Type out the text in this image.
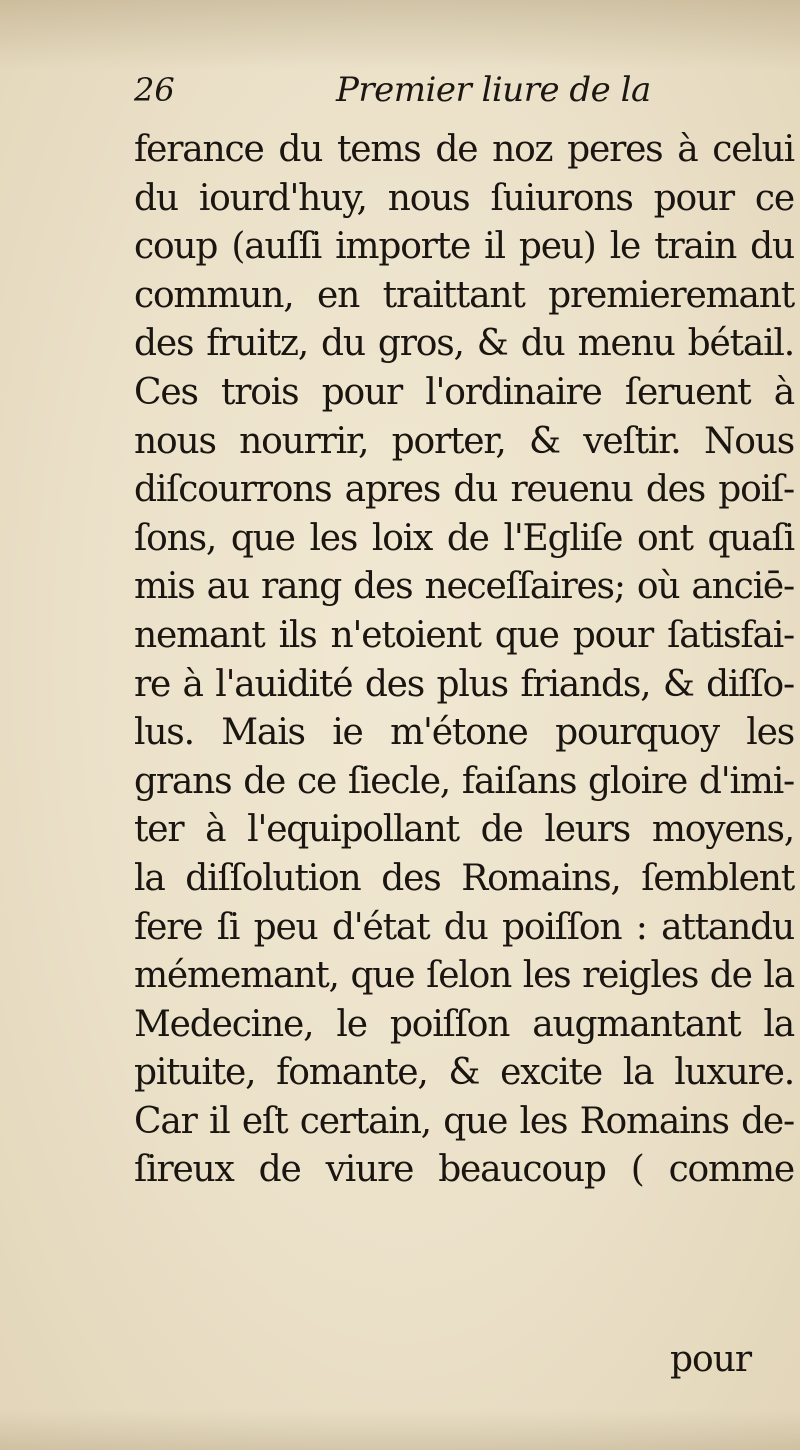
26	Premier liure de la
ferance du tems de noz peres à celui
du iourd'huy, nous ſuiurons pour ce
coup (auſſi importe il peu) le train du
commun, en traittant premieremant
des fruitz, du gros, & du menu bétail.
Ces trois pour l'ordinaire ſeruent à
nous nourrir, porter, & veſtir. Nous
diſcourrons apres du reuenu des poiſ-
ſons, que les loix de l'Egliſe ont quaſi
mis au rang des neceſſaires; où anciē-
nemant ils n'etoient que pour ſatisfai-
re à l'auidité des plus friands, & diſſo-
lus. Mais ie m'étone pourquoy les
grans de ce ſiecle, faiſans gloire d'imi-
ter à l'equipollant de leurs moyens,
la diſſolution des Romains, ſemblent
fere ſi peu d'état du poiſſon : attandu
mémemant, que ſelon les reigles de la
Medecine, le poiſſon augmantant la
pituite, fomante, & excite la luxure.
Car il eſt certain, que les Romains de-
ſireux de viure beaucoup ( comme
pour
